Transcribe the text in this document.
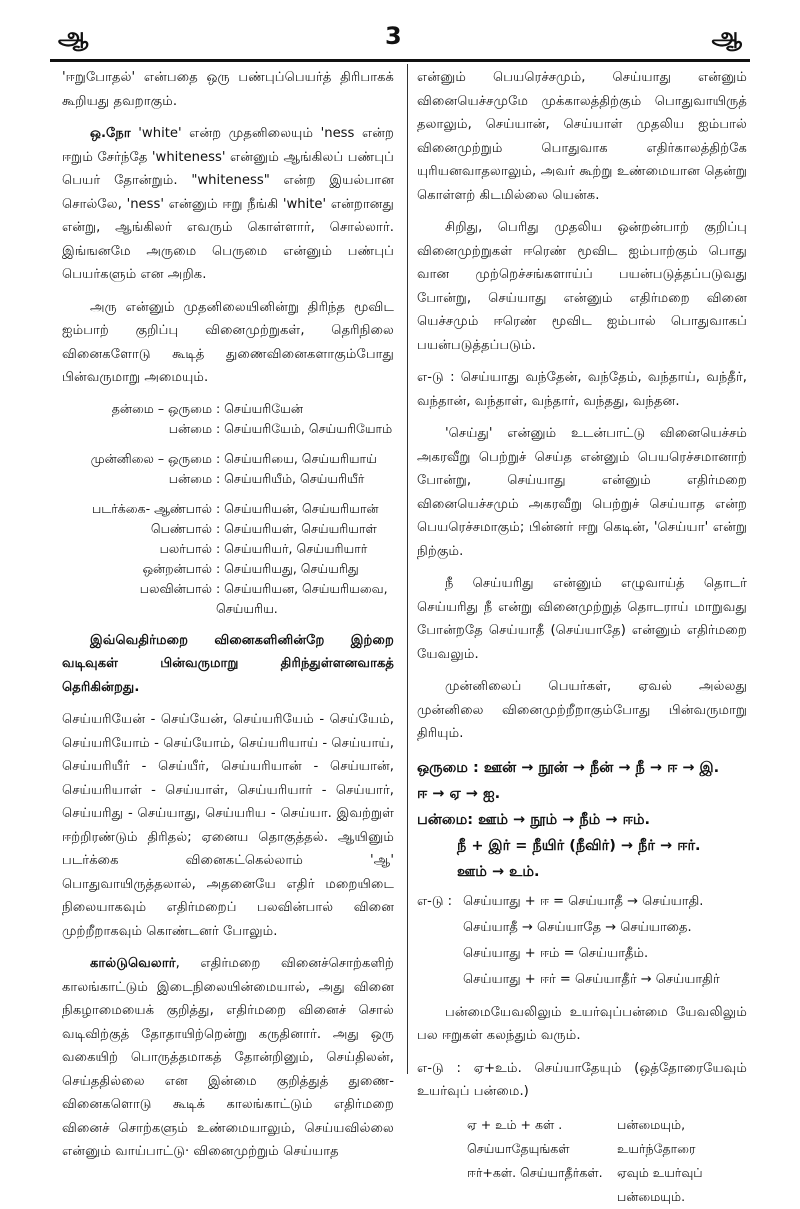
ஆ	3	ஆ

'ஈறுபோதல்' என்பதை ஒரு பண்புப்பெயர்த் திரிபாகக் கூறியது தவறாகும்.

ஒ.நோ 'white' என்ற முதனிலையும் 'ness என்ற ஈறும் சேர்ந்தே 'whiteness' என்னும் ஆங்கிலப் பண்புப் பெயர் தோன்றும். "whiteness" என்ற இயல்பான சொல்லே, 'ness' என்னும் ஈறு நீங்கி 'white' என்றானது என்று, ஆங்கிலர் எவரும் கொள்ளார், சொல்லார். இங்ஙனமே அருமை பெருமை என்னும் பண்புப் பெயர்களும் என அறிக.

அரு என்னும் முதனிலையினின்று திரிந்த மூவிட ஐம்பாற் குறிப்பு வினைமுற்றுகள், தெரிநிலை வினைகளோடு கூடித் துணைவினைகளாகும்போது பின்வருமாறு அமையும்.

தன்மை – ஒருமை : செய்யரியேன்
பன்மை : செய்யரியேம், செய்யரியோம்
முன்னிலை – ஒருமை : செய்யரியை, செய்யரியாய்
பன்மை : செய்யரியீம், செய்யரியீர்
படர்க்கை- ஆண்பால் : செய்யரியன், செய்யரியான்
பெண்பால் : செய்யரியள், செய்யரியாள்
பலர்பால் : செய்யரியர், செய்யரியார்
ஒன்றன்பால் : செய்யரியது, செய்யரிது
பலவின்பால் : செய்யரியன, செய்யரியவை,
செய்யரிய.

இவ்வெதிர்மறை வினைகளினின்றே இற்றை வடிவுகள் பின்வருமாறு திரிந்துள்ளனவாகத் தெரிகின்றது.

செய்யரியேன் - செய்யேன், செய்யரியேம் - செய்யேம், செய்யரியோம் - செய்யோம், செய்யரியாய் - செய்யாய், செய்யரியீர் - செய்யீர், செய்யரியான் - செய்யான், செய்யரியாள் - செய்யாள், செய்யரியார் - செய்யார், செய்யரிது - செய்யாது, செய்யரிய - செய்யா. இவற்றுள் ஈற்றிரண்டும் திரிதல்; ஏனைய தொகுத்தல். ஆயினும் படர்க்கை வினைகட்கெல்லாம் 'ஆ' பொதுவாயிருத்தலால், அதனையே எதிர் மறையிடை நிலையாகவும் எதிர்மறைப் பலவின்பால் வினை முற்றீறாகவும் கொண்டனர் போலும்.

கால்டுவெலார், எதிர்மறை வினைச்சொற்களிற் காலங்காட்டும் இடைநிலையின்மையால், அது வினை நிகழாமையைக் குறித்து, எதிர்மறை வினைச் சொல் வடிவிற்குத் தோதாயிற்றென்று கருதினார். அது ஒரு வகையிற் பொருத்தமாகத் தோன்றினும், செய்திலன், செய்ததில்லை என இன்மை குறித்துத் துணை- வினைகளொடு கூடிக் காலங்காட்டும் எதிர்மறை வினைச் சொற்களும் உண்மையாலும், செய்யவில்லை என்னும் வாய்பாட்டு· வினைமுற்றும் செய்யாத

என்னும் பெயரெச்சமும், செய்யாது என்னும் வினையெச்சமுமே முக்காலத்திற்கும் பொதுவாயிருத் தலாலும், செய்யான், செய்யாள் முதலிய ஐம்பால் வினைமுற்றும் பொதுவாக எதிர்காலத்திற்கே யுரியனவாதலாலும், அவர் கூற்று உண்மையான தென்று கொள்ளற் கிடமில்லை யென்க.

சிறிது, பெரிது முதலிய ஒன்றன்பாற் குறிப்பு வினைமுற்றுகள் ஈரெண் மூவிட ஐம்பாற்கும் பொது வான முற்றெச்சங்களாய்ப் பயன்படுத்தப்படுவது போன்று, செய்யாது என்னும் எதிர்மறை வினை யெச்சமும் ஈரெண் மூவிட ஐம்பால் பொதுவாகப் பயன்படுத்தப்படும்.

எ-டு : செய்யாது வந்தேன், வந்தேம், வந்தாய், வந்தீர், வந்தான், வந்தாள், வந்தார், வந்தது, வந்தன.

'செய்து' என்னும் உடன்பாட்டு வினையெச்சம் அகரவீறு பெற்றுச் செய்த என்னும் பெயரெச்சமானாற் போன்று, செய்யாது என்னும் எதிர்மறை வினையெச்சமும் அகரவீறு பெற்றுச் செய்யாத என்ற பெயரெச்சமாகும்; பின்னர் ஈறு கெடின், 'செய்யா' என்று நிற்கும்.

நீ செய்யரிது என்னும் எழுவாய்த் தொடர் செய்யரிது நீ என்று வினைமுற்றுத் தொடராய் மாறுவது போன்றதே செய்யாதீ (செய்யாதே) என்னும் எதிர்மறை யேவலும்.

முன்னிலைப் பெயர்கள், ஏவல் அல்லது முன்னிலை வினைமுற்றீறாகும்போது பின்வருமாறு திரியும்.

ஒருமை : ஊன் → நூன் → நீன் → நீ → ஈ → இ.

ஈ → ஏ → ஐ.

பன்மை: ஊம் → நூம் → நீம் → ஈம்.

நீ + இர் = நீயிர் (நீவிர்) → நீர் → ஈர்.

ஊம் → உம்.

எ-டு : செய்யாது + ஈ = செய்யாதீ → செய்யாதி.
செய்யாதீ → செய்யாதே → செய்யாதை.
செய்யாது + ஈம் = செய்யாதீம்.
செய்யாது + ஈர் = செய்யாதீர் → செய்யாதிர்

பன்மையேவலிலும் உயர்வுப்பன்மை யேவலிலும் பல ஈறுகள் கலந்தும் வரும்.

எ-டு : ஏ+உம். செய்யாதேயும் (ஒத்தோரையேவும் உயர்வுப் பன்மை.)

ஏ + உம் + கள் .	பன்மையும்,
செய்யாதேயுங்கள்	உயர்ந்தோரை
ஈர்+கள். செய்யாதீர்கள்.	ஏவும் உயர்வுப்
பன்மையும்.
